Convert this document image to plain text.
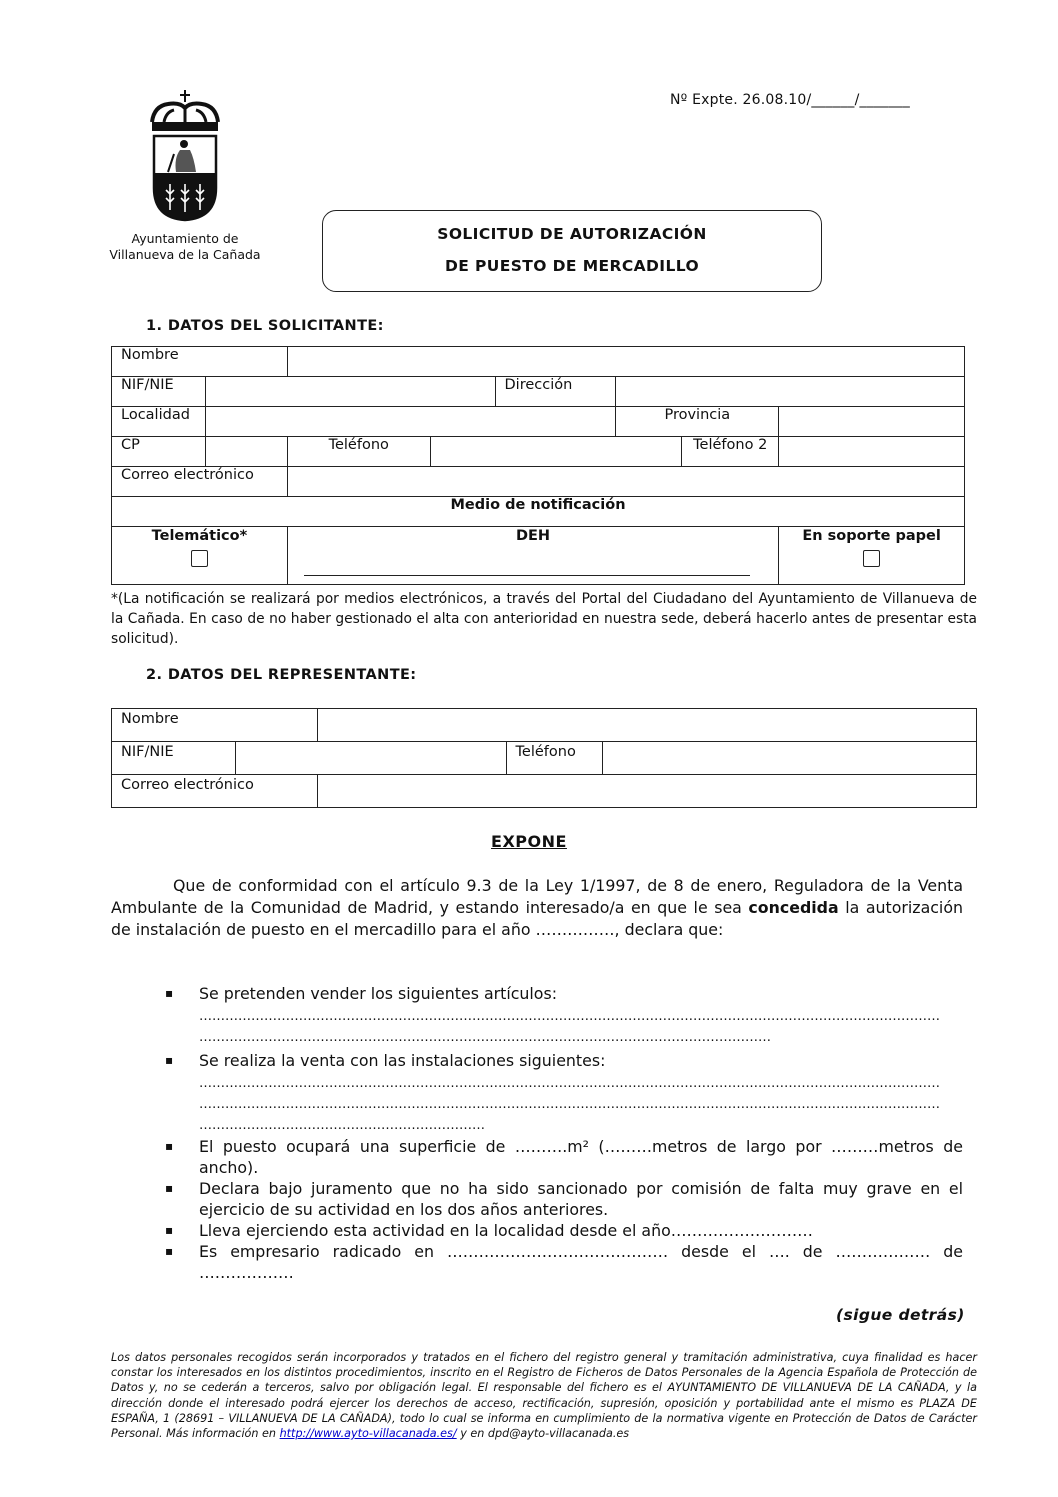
Ayuntamiento de
Villanueva de la Cañada
Nº Expte. 26.08.10/______/_______
SOLICITUD DE AUTORIZACIÓN
DE PUESTO DE MERCADILLO
1. DATOS DEL SOLICITANTE:
Nombre							
NIF/NIE				Dirección			
Localidad					Provincia		
CP		Teléfono				Teléfono 2	
Correo electrónico							
Medio de notificación							

Telemático*		DEH					En soporte papel
*(La notificación se realizará por medios electrónicos, a través del Portal del Ciudadano del Ayuntamiento de Villanueva de la Cañada. En caso de no haber gestionado el alta con anterioridad en nuestra sede, deberá hacerlo antes de presentar esta solicitud).
2. DATOS DEL REPRESENTANTE:
Nombre				
NIF/NIE			Teléfono	
Correo electrónico				
EXPONE
Que de conformidad con el artículo 9.3 de la Ley 1/1997, de 8 de enero, Reguladora de la Venta Ambulante de la Comunidad de Madrid, y estando interesado/a en que le sea concedida la autorización de instalación de puesto en el mercadillo para el año ……………, declara que:
▪ Se pretenden vender los siguientes artículos:
………………………………………………………………………………………………………………………………………………………
……………………………………………………………………………………………………………………
▪ Se realiza la venta con las instalaciones siguientes:
………………………………………………………………………………………………………………………………………………………
………………………………………………………………………………………………………………………………………………………
…………………………………………………………
▪ El puesto ocupará una superficie de ……….m² (………metros de largo por ………metros de ancho).
▪ Declara bajo juramento que no ha sido sancionado por comisión de falta muy grave en el ejercicio de su actividad en los dos años anteriores.
▪ Lleva ejerciendo esta actividad en la localidad desde el año………………………
▪ Es empresario radicado en …………………………………… desde el …. de ……………… de ………………
(sigue detrás)
Los datos personales recogidos serán incorporados y tratados en el fichero del registro general y tramitación administrativa, cuya finalidad es hacer constar los interesados en los distintos procedimientos, inscrito en el Registro de Ficheros de Datos Personales de la Agencia Española de Protección de Datos y, no se cederán a terceros, salvo por obligación legal. El responsable del fichero es el AYUNTAMIENTO DE VILLANUEVA DE LA CAÑADA, y la dirección donde el interesado podrá ejercer los derechos de acceso, rectificación, supresión, oposición y portabilidad ante el mismo es PLAZA DE ESPAÑA, 1 (28691 – VILLANUEVA DE LA CAÑADA), todo lo cual se informa en cumplimiento de la normativa vigente en Protección de Datos de Carácter Personal. Más información en http://www.ayto-villacanada.es/ y en dpd@ayto-villacanada.es
